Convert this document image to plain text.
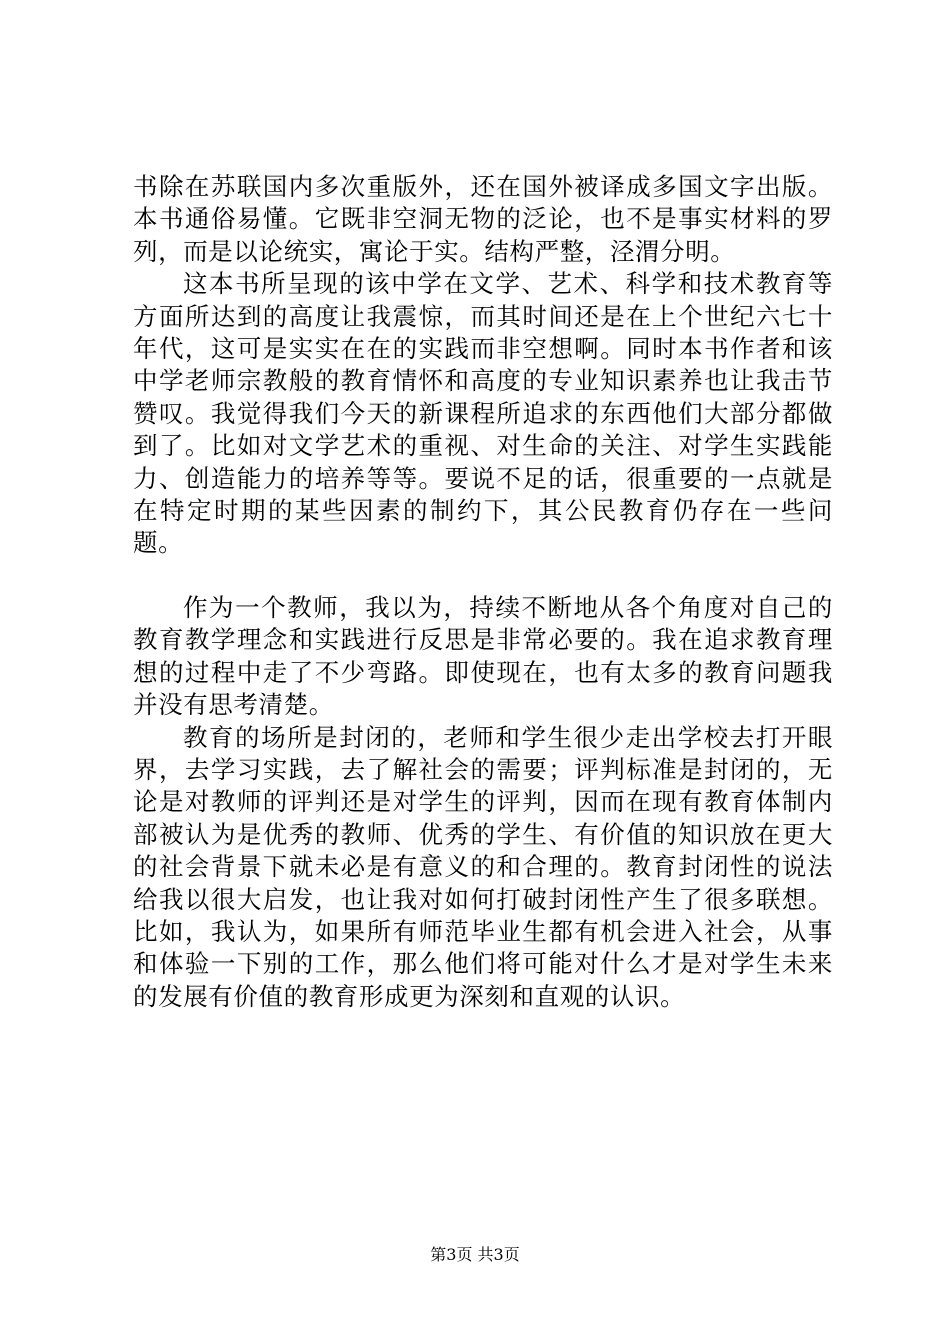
书除在苏联国内多次重版外，还在国外被译成多国文字出版。本书通俗易懂。它既非空洞无物的泛论，也不是事实材料的罗列，而是以论统实，寓论于实。结构严整，泾渭分明。

这本书所呈现的该中学在文学、艺术、科学和技术教育等方面所达到的高度让我震惊，而其时间还是在上个世纪六七十年代，这可是实实在在的实践而非空想啊。同时本书作者和该中学老师宗教般的教育情怀和高度的专业知识素养也让我击节赞叹。我觉得我们今天的新课程所追求的东西他们大部分都做到了。比如对文学艺术的重视、对生命的关注、对学生实践能力、创造能力的培养等等。要说不足的话，很重要的一点就是在特定时期的某些因素的制约下，其公民教育仍存在一些问题。

作为一个教师，我以为，持续不断地从各个角度对自己的教育教学理念和实践进行反思是非常必要的。我在追求教育理想的过程中走了不少弯路。即使现在，也有太多的教育问题我并没有思考清楚。

教育的场所是封闭的，老师和学生很少走出学校去打开眼界，去学习实践，去了解社会的需要；评判标准是封闭的，无论是对教师的评判还是对学生的评判，因而在现有教育体制内部被认为是优秀的教师、优秀的学生、有价值的知识放在更大的社会背景下就未必是有意义的和合理的。教育封闭性的说法给我以很大启发，也让我对如何打破封闭性产生了很多联想。比如，我认为，如果所有师范毕业生都有机会进入社会，从事和体验一下别的工作，那么他们将可能对什么才是对学生未来的发展有价值的教育形成更为深刻和直观的认识。

第3页 共3页
